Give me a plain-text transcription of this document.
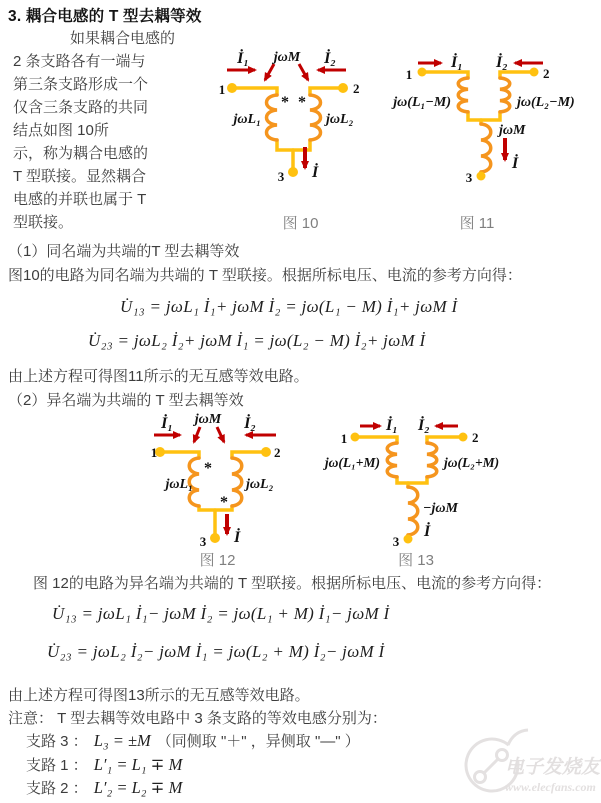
3. 耦合电感的 T 型去耦等效
如果耦合电感的
2 条支路各有一端与
第三条支路形成一个
仅含三条支路的共同
结点如图 10所
示，称为耦合电感的
T 型联接。显然耦合
电感的并联也属于 T
型联接。
İ₁ jωM İ₂
1	2
3
* *
jωL₁	jωL₂
İ
图 10
İ₁ İ₂
1	2
3
jω(L₁−M)	jω(L₂−M)
jωM
İ
图 11
（1）同名端为共端的T 型去耦等效
图10的电路为同名端为共端的 T 型联接。根据所标电压、电流的参考方向得：
U̇₁₃ = jωL₁ İ₁+ jωM İ₂ = jω(L₁ − M) İ₁+ jωM İ
U̇₂₃ = jωL₂ İ₂+ jωM İ₁ = jω(L₂ − M) İ₂+ jωM İ
由上述方程可得图11所示的无互感等效电路。
（2）异名端为共端的 T 型去耦等效
İ₁ jωM İ₂
1	2
3
*
*
jωL₁	jωL₂
İ
图 12
İ₁ İ₂
1	2
3
jω(L₁+M)	jω(L₂+M)
−jωM
İ
图 13
图 12的电路为异名端为共端的 T 型联接。根据所标电压、电流的参考方向得：
U̇₁₃ = jωL₁ İ₁− jωM İ₂ = jω(L₁ + M) İ₁− jωM İ
U̇₂₃ = jωL₂ İ₂− jωM İ₁ = jω(L₂ + M) İ₂− jωM İ
由上述方程可得图13所示的无互感等效电路。
注意： T 型去耦等效电路中 3 条支路的等效电感分别为：
支路 3 ： L₃ = ±M （同侧取 "＋" ，异侧取 "—" ）
支路 1 ： L′₁ = L₁ ∓ M
支路 2 ： L′₂ = L₂ ∓ M
电子发烧友
www.elecfans.com
